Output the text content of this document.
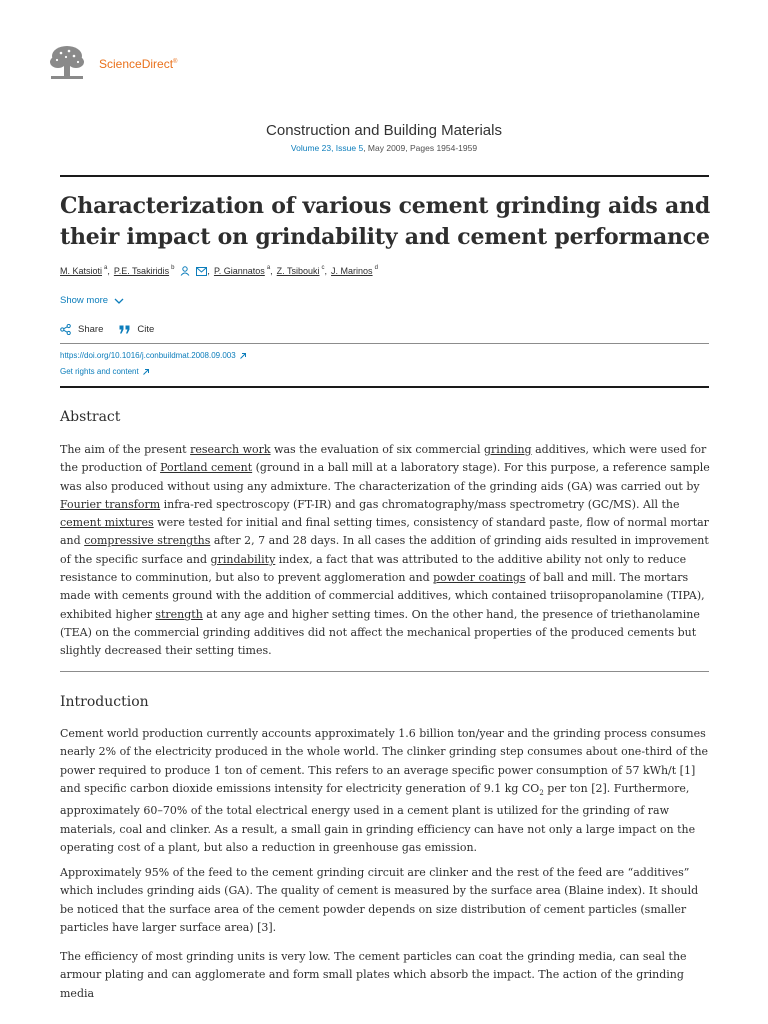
ScienceDirect®
Construction and Building Materials
Volume 23, Issue 5, May 2009, Pages 1954-1959
Characterization of various cement grinding aids and their impact on grindability and cement performance
M. Katsioti $^a$ , P.E. Tsakiridis $^b$	, P. Giannatos $^a$ , Z. Tsibouki $^c$ , J. Marinos $^d$
Show more
Share	Cite
https://doi.org/10.1016/j.conbuildmat.2008.09.003
Get rights and content
Abstract
The aim of the present research work was the evaluation of six commercial grinding additives, which were used for the production of Portland cement (ground in a ball mill at a laboratory stage). For this purpose, a reference sample was also produced without using any admixture. The characterization of the grinding aids (GA) was carried out by Fourier transform infra-red spectroscopy (FT-IR) and gas chromatography/mass spectrometry (GC/MS). All the cement mixtures were tested for initial and final setting times, consistency of standard paste, flow of normal mortar and compressive strengths after 2, 7 and 28 days. In all cases the addition of grinding aids resulted in improvement of the specific surface and grindability index, a fact that was attributed to the additive ability not only to reduce resistance to comminution, but also to prevent agglomeration and powder coatings of ball and mill. The mortars made with cements ground with the addition of commercial additives, which contained triisopropanolamine (TIPA), exhibited higher strength at any age and higher setting times. On the other hand, the presence of triethanolamine (TEA) on the commercial grinding additives did not affect the mechanical properties of the produced cements but slightly decreased their setting times.
Introduction
Cement world production currently accounts approximately 1.6 billion ton/year and the grinding process consumes nearly 2% of the electricity produced in the whole world. The clinker grinding step consumes about one-third of the power required to produce 1 ton of cement. This refers to an average specific power consumption of 57 kWh/t [1] and specific carbon dioxide emissions intensity for electricity generation of 9.1 kg $CO_2$ per ton [2]. Furthermore, approximately 60–70% of the total electrical energy used in a cement plant is utilized for the grinding of raw materials, coal and clinker. As a result, a small gain in grinding efficiency can have not only a large impact on the operating cost of a plant, but also a reduction in greenhouse gas emission.
Approximately 95% of the feed to the cement grinding circuit are clinker and the rest of the feed are “additives” which includes grinding aids (GA). The quality of cement is measured by the surface area (Blaine index). It should be noticed that the surface area of the cement powder depends on size distribution of cement particles (smaller particles have larger surface area) [3].
The efficiency of most grinding units is very low. The cement particles can coat the grinding media, can seal the armour plating and can agglomerate and form small plates which absorb the impact. The action of the grinding media
